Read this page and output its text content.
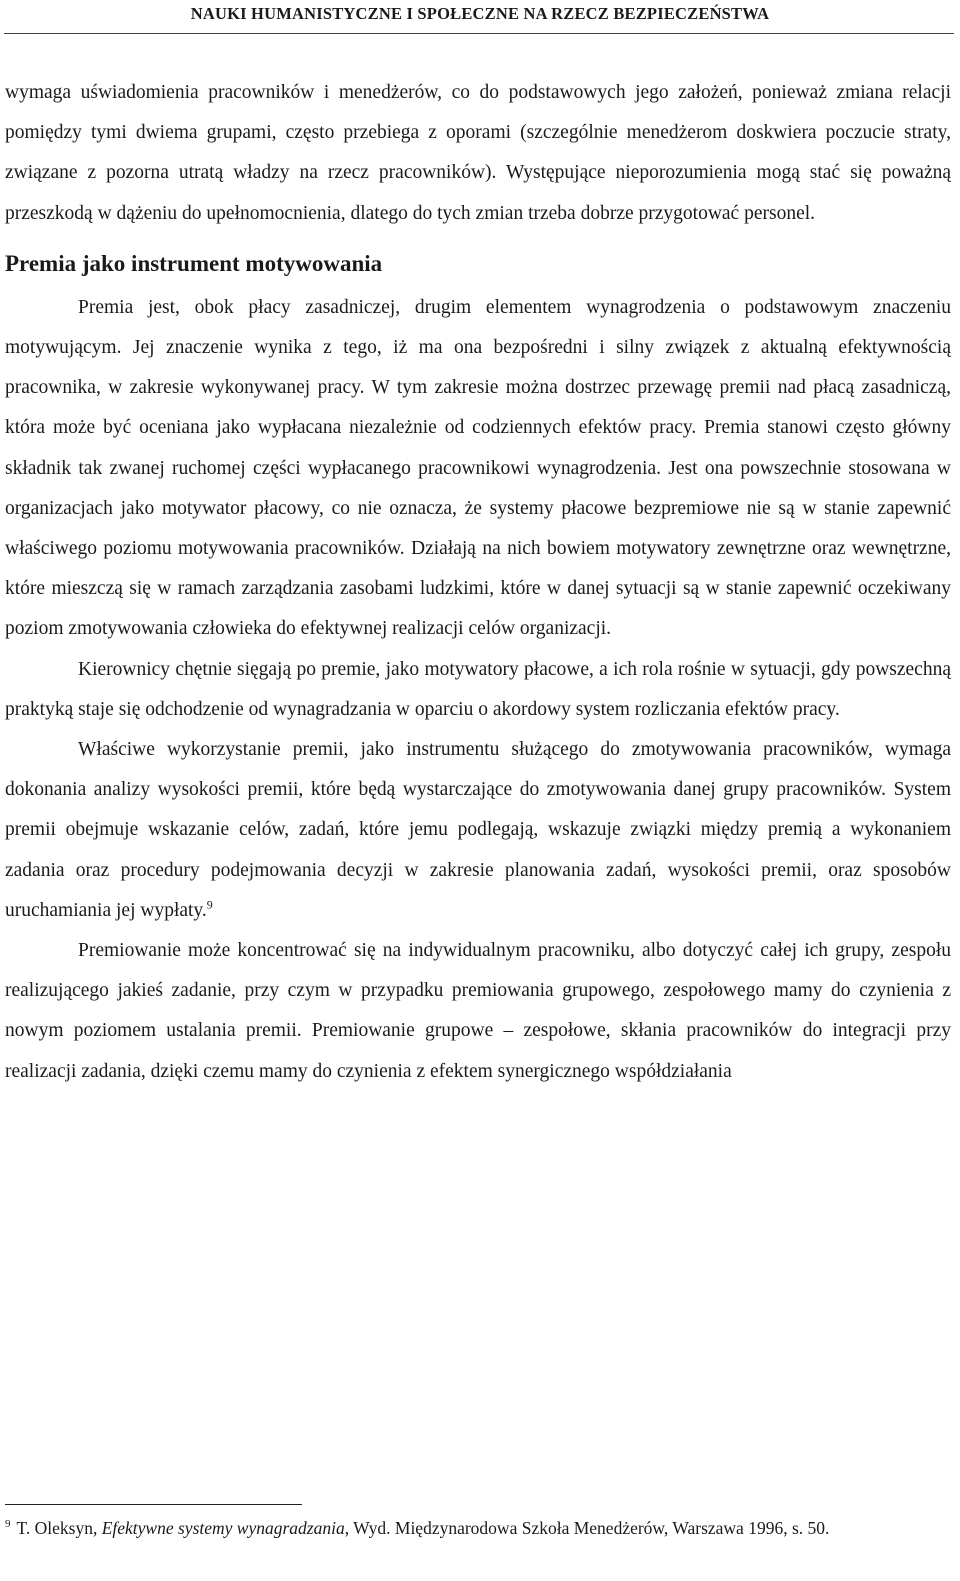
NAUKI HUMANISTYCZNE I SPOŁECZNE NA RZECZ BEZPIECZEŃSTWA

wymaga uświadomienia pracowników i menedżerów, co do podstawowych jego założeń, ponieważ zmiana relacji pomiędzy tymi dwiema grupami, często przebiega z oporami (szczególnie menedżerom doskwiera poczucie straty, związane z pozorna utratą władzy na rzecz pracowników). Występujące nieporozumienia mogą stać się poważną przeszkodą w dążeniu do upełnomocnienia, dlatego do tych zmian trzeba dobrze przygotować personel.

Premia jako instrument motywowania

Premia jest, obok płacy zasadniczej, drugim elementem wynagrodzenia o podstawowym znaczeniu motywującym. Jej znaczenie wynika z tego, iż ma ona bezpośredni i silny związek z aktualną efektywnością pracownika, w zakresie wykonywanej pracy. W tym zakresie można dostrzec przewagę premii nad płacą zasadniczą, która może być oceniana jako wypłacana niezależnie od codziennych efektów pracy. Premia stanowi często główny składnik tak zwanej ruchomej części wypłacanego pracownikowi wynagrodzenia. Jest ona powszechnie stosowana w organizacjach jako motywator płacowy, co nie oznacza, że systemy płacowe bezpremiowe nie są w stanie zapewnić właściwego poziomu motywowania pracowników. Działają na nich bowiem motywatory zewnętrzne oraz wewnętrzne, które mieszczą się w ramach zarządzania zasobami ludzkimi, które w danej sytuacji są w stanie zapewnić oczekiwany poziom zmotywowania człowieka do efektywnej realizacji celów organizacji.

Kierownicy chętnie sięgają po premie, jako motywatory płacowe, a ich rola rośnie w sytuacji, gdy powszechną praktyką staje się odchodzenie od wynagradzania w oparciu o akordowy system rozliczania efektów pracy.

Właściwe wykorzystanie premii, jako instrumentu służącego do zmotywowania pracowników, wymaga dokonania analizy wysokości premii, które będą wystarczające do zmotywowania danej grupy pracowników. System premii obejmuje wskazanie celów, zadań, które jemu podlegają, wskazuje związki między premią a wykonaniem zadania oraz procedury podejmowania decyzji w zakresie planowania zadań, wysokości premii, oraz sposobów uruchamiania jej wypłaty.$^9$

Premiowanie może koncentrować się na indywidualnym pracowniku, albo dotyczyć całej ich grupy, zespołu realizującego jakieś zadanie, przy czym w przypadku premiowania grupowego, zespołowego mamy do czynienia z nowym poziomem ustalania premii. Premiowanie grupowe – zespołowe, skłania pracowników do integracji przy realizacji zadania, dzięki czemu mamy do czynienia z efektem synergicznego współdziałania

$^9$ T. Oleksyn, Efektywne systemy wynagradzania, Wyd. Międzynarodowa Szkoła Menedżerów, Warszawa 1996, s. 50.
